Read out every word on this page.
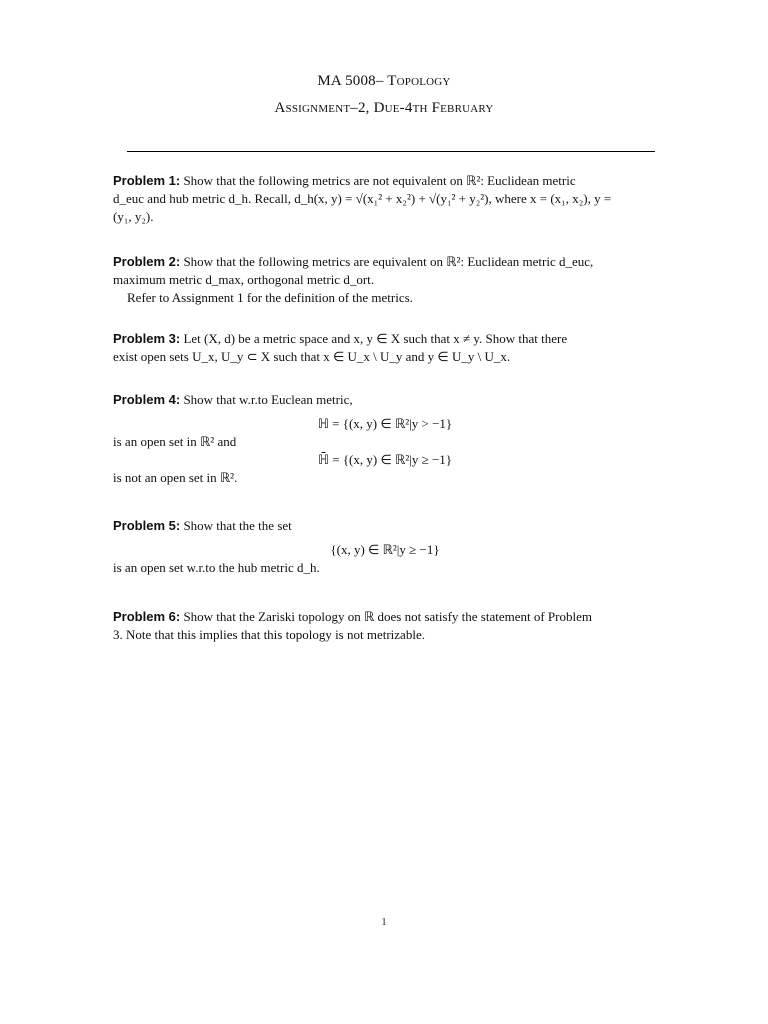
MA 5008– Topology
Assignment–2, Due-4th February
Problem 1: Show that the following metrics are not equivalent on ℝ²: Euclidean metric
d_euc and hub metric d_h. Recall, d_h(x, y) = √(x₁² + x₂²) + √(y₁² + y₂²), where x = (x₁, x₂), y =
(y₁, y₂).
Problem 2: Show that the following metrics are equivalent on ℝ²: Euclidean metric d_euc,
maximum metric d_max, orthogonal metric d_ort.
Refer to Assignment 1 for the definition of the metrics.
Problem 3: Let (X, d) be a metric space and x, y ∈ X such that x ≠ y. Show that there
exist open sets U_x, U_y ⊂ X such that x ∈ U_x \ U_y and y ∈ U_y \ U_x.
Problem 4: Show that w.r.to Euclean metric,
ℍ = {(x, y) ∈ ℝ²|y > −1}
is an open set in ℝ² and
ℍ̄ = {(x, y) ∈ ℝ²|y ≥ −1}
is not an open set in ℝ².
Problem 5: Show that the the set
{(x, y) ∈ ℝ²|y ≥ −1}
is an open set w.r.to the hub metric d_h.
Problem 6: Show that the Zariski topology on ℝ does not satisfy the statement of Problem
3. Note that this implies that this topology is not metrizable.
1
